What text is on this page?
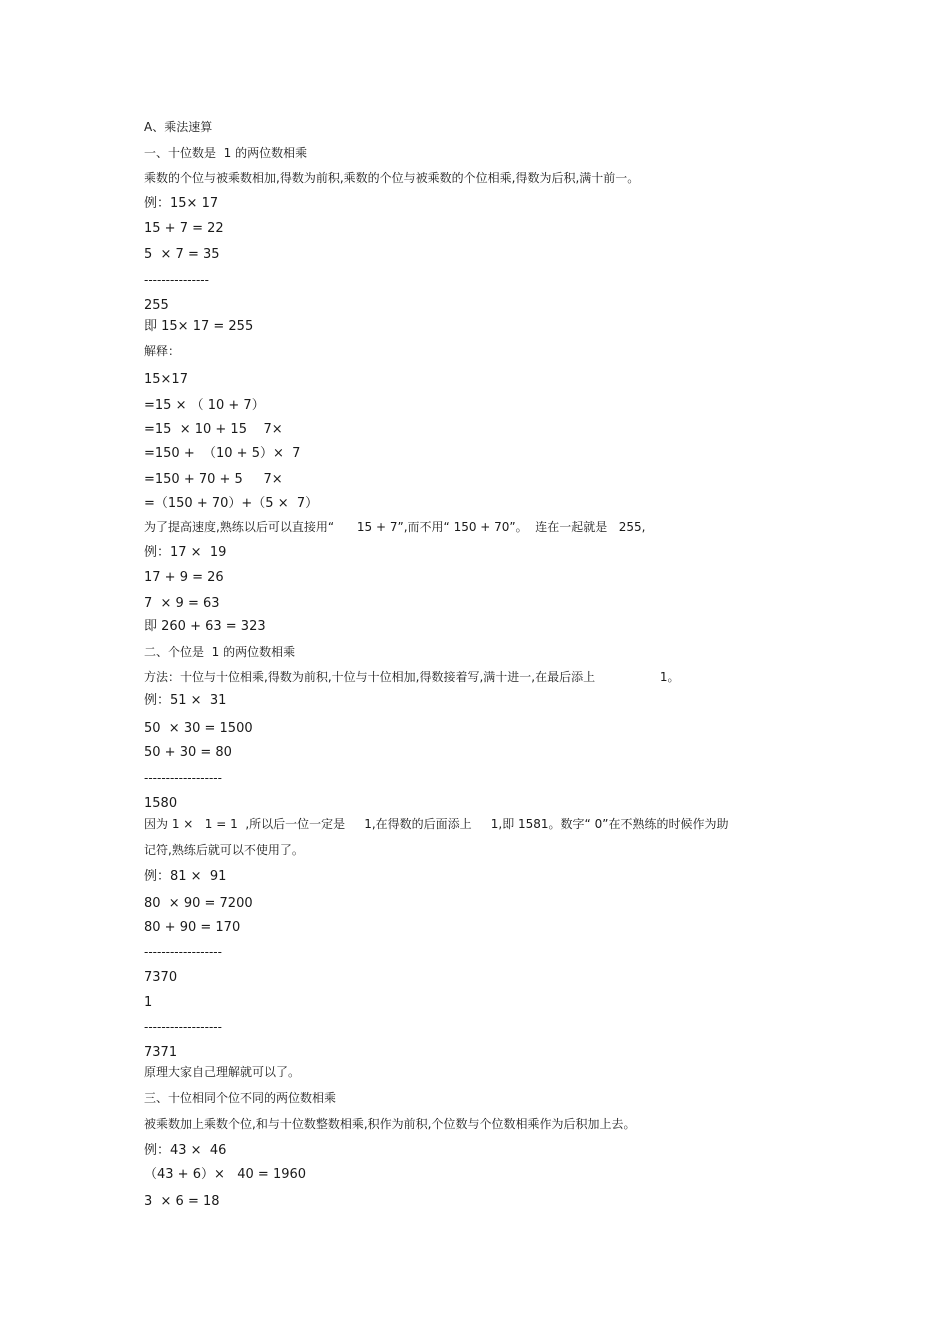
A、乘法速算

一、十位数是  1 的两位数相乘

乘数的个位与被乘数相加,得数为前积,乘数的个位与被乘数的个位相乘,得数为后积,满十前一。

例：15× 17

15 + 7 = 22

5  × 7 = 35

---------------

255

即 15× 17 = 255

解释：

15×17

=15 × （ 10 + 7）

=15  × 10 + 15    7×

=150 +  （10 + 5）×  7

=150 + 70 + 5     7×

=（150 + 70）+（5 ×  7）

为了提高速度,熟练以后可以直接用“      15 + 7”,而不用“ 150 + 70”。  连在一起就是   255,

例：17 ×  19

17 + 9 = 26

7  × 9 = 63

即 260 + 63 = 323

二、个位是  1 的两位数相乘

方法：十位与十位相乘,得数为前积,十位与十位相加,得数接着写,满十进一,在最后添上                 1。

例：51 ×  31

50  × 30 = 1500

50 + 30 = 80

------------------

1580

因为 1 ×   1 = 1  ,所以后一位一定是     1,在得数的后面添上     1,即 1581。数字“ 0”在不熟练的时候作为助

记符,熟练后就可以不使用了。

例：81 ×  91

80  × 90 = 7200

80 + 90 = 170

------------------

7370

1

------------------

7371

原理大家自己理解就可以了。

三、十位相同个位不同的两位数相乘

被乘数加上乘数个位,和与十位数整数相乘,积作为前积,个位数与个位数相乘作为后积加上去。

例：43 ×  46

（43 + 6）×   40 = 1960

3  × 6 = 18
